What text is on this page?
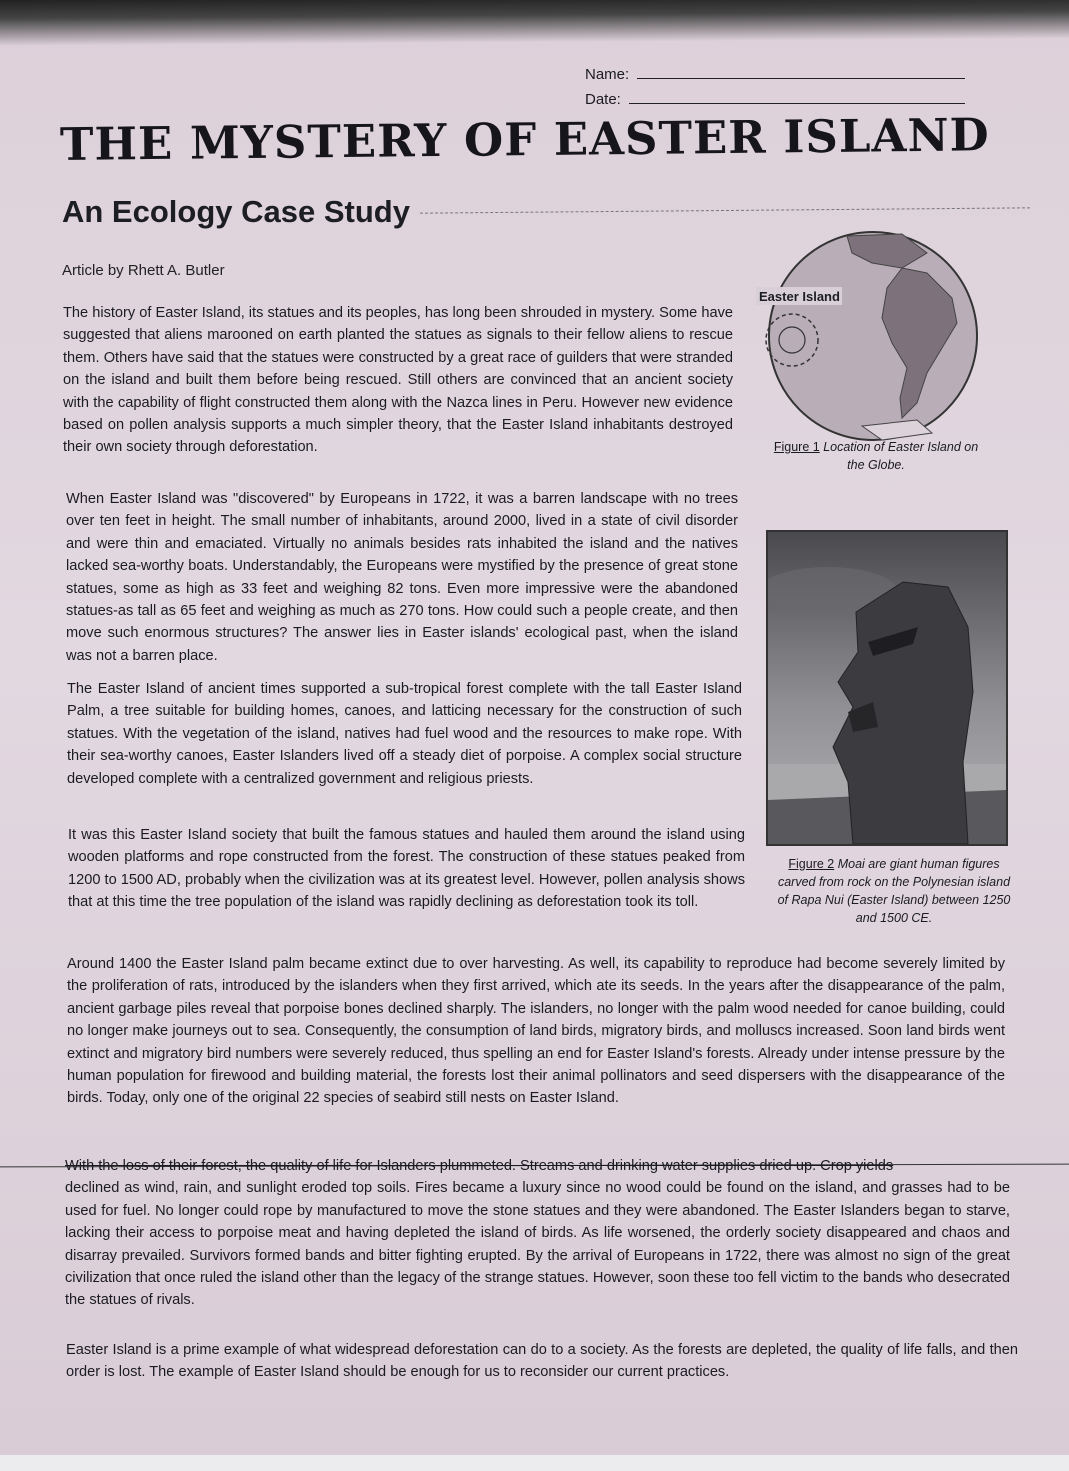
Name:
Date:
THE MYSTERY OF EASTER ISLAND
An Ecology Case Study
Article by Rhett A. Butler

The history of Easter Island, its statues and its peoples, has long been shrouded in mystery. Some have suggested that aliens marooned on earth planted the statues as signals to their fellow aliens to rescue them. Others have said that the statues were constructed by a great race of guilders that were stranded on the island and built them before being rescued. Still others are convinced that an ancient society with the capability of flight constructed them along with the Nazca lines in Peru. However new evidence based on pollen analysis supports a much simpler theory, that the Easter Island inhabitants destroyed their own society through deforestation.

Easter Island
Figure 1 Location of Easter Island on the Globe.

When Easter Island was "discovered" by Europeans in 1722, it was a barren landscape with no trees over ten feet in height. The small number of inhabitants, around 2000, lived in a state of civil disorder and were thin and emaciated. Virtually no animals besides rats inhabited the island and the natives lacked sea-worthy boats. Understandably, the Europeans were mystified by the presence of great stone statues, some as high as 33 feet and weighing 82 tons. Even more impressive were the abandoned statues-as tall as 65 feet and weighing as much as 270 tons. How could such a people create, and then move such enormous structures? The answer lies in Easter islands' ecological past, when the island was not a barren place.

The Easter Island of ancient times supported a sub-tropical forest complete with the tall Easter Island Palm, a tree suitable for building homes, canoes, and latticing necessary for the construction of such statues. With the vegetation of the island, natives had fuel wood and the resources to make rope. With their sea-worthy canoes, Easter Islanders lived off a steady diet of porpoise. A complex social structure developed complete with a centralized government and religious priests.

It was this Easter Island society that built the famous statues and hauled them around the island using wooden platforms and rope constructed from the forest. The construction of these statues peaked from 1200 to 1500 AD, probably when the civilization was at its greatest level. However, pollen analysis shows that at this time the tree population of the island was rapidly declining as deforestation took its toll.

Figure 2 Moai are giant human figures carved from rock on the Polynesian island of Rapa Nui (Easter Island) between 1250 and 1500 CE.

Around 1400 the Easter Island palm became extinct due to over harvesting. As well, its capability to reproduce had become severely limited by the proliferation of rats, introduced by the islanders when they first arrived, which ate its seeds. In the years after the disappearance of the palm, ancient garbage piles reveal that porpoise bones declined sharply. The islanders, no longer with the palm wood needed for canoe building, could no longer make journeys out to sea. Consequently, the consumption of land birds, migratory birds, and molluscs increased. Soon land birds went extinct and migratory bird numbers were severely reduced, thus spelling an end for Easter Island's forests. Already under intense pressure by the human population for firewood and building material, the forests lost their animal pollinators and seed dispersers with the disappearance of the birds. Today, only one of the original 22 species of seabird still nests on Easter Island.

With the loss of their forest, the quality of life for Islanders plummeted. Streams and drinking water supplies dried up. Crop yields
declined as wind, rain, and sunlight eroded top soils. Fires became a luxury since no wood could be found on the island, and grasses had to be used for fuel. No longer could rope by manufactured to move the stone statues and they were abandoned. The Easter Islanders began to starve, lacking their access to porpoise meat and having depleted the island of birds. As life worsened, the orderly society disappeared and chaos and disarray prevailed. Survivors formed bands and bitter fighting erupted. By the arrival of Europeans in 1722, there was almost no sign of the great civilization that once ruled the island other than the legacy of the strange statues. However, soon these too fell victim to the bands who desecrated the statues of rivals.

Easter Island is a prime example of what widespread deforestation can do to a society. As the forests are depleted, the quality of life falls, and then order is lost. The example of Easter Island should be enough for us to reconsider our current practices.
